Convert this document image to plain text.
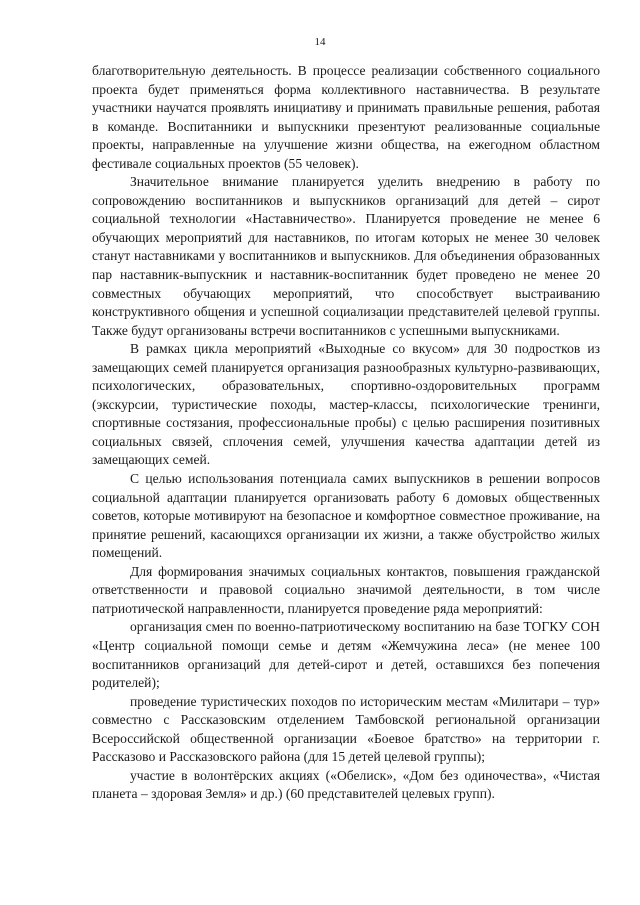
14

благотворительную деятельность. В процессе реализации собственного социального проекта будет применяться форма коллективного наставничества. В результате участники научатся проявлять инициативу и принимать правильные решения, работая в команде. Воспитанники и выпускники презентуют реализованные социальные проекты, направленные на улучшение жизни общества, на ежегодном областном фестивале социальных проектов (55 человек).

Значительное внимание планируется уделить внедрению в работу по сопровождению воспитанников и выпускников организаций для детей – сирот социальной технологии «Наставничество». Планируется проведение не менее 6 обучающих мероприятий для наставников, по итогам которых не менее 30 человек станут наставниками у воспитанников и выпускников. Для объединения образованных пар наставник-выпускник и наставник-воспитанник будет проведено не менее 20 совместных обучающих мероприятий, что способствует выстраиванию конструктивного общения и успешной социализации представителей целевой группы. Также будут организованы встречи воспитанников с успешными выпускниками.

В рамках цикла мероприятий «Выходные со вкусом» для 30 подростков из замещающих семей планируется организация разнообразных культурно-развивающих, психологических, образовательных, спортивно-оздоровительных программ (экскурсии, туристические походы, мастер-классы, психологические тренинги, спортивные состязания, профессиональные пробы) с целью расширения позитивных социальных связей, сплочения семей, улучшения качества адаптации детей из замещающих семей.

С целью использования потенциала самих выпускников в решении вопросов социальной адаптации планируется организовать работу 6 домовых общественных советов, которые мотивируют на безопасное и комфортное совместное проживание, на принятие решений, касающихся организации их жизни, а также обустройство жилых помещений.

Для формирования значимых социальных контактов, повышения гражданской ответственности и правовой социально значимой деятельности, в том числе патриотической направленности, планируется проведение ряда мероприятий:

организация смен по военно-патриотическому воспитанию на базе ТОГКУ СОН «Центр социальной помощи семье и детям «Жемчужина леса» (не менее 100 воспитанников организаций для детей-сирот и детей, оставшихся без попечения родителей);

проведение туристических походов по историческим местам «Милитари – тур» совместно с Рассказовским отделением Тамбовской региональной организации Всероссийской общественной организации «Боевое братство» на территории г. Рассказово и Рассказовского района (для 15 детей целевой группы);

участие в волонтёрских акциях («Обелиск», «Дом без одиночества», «Чистая планета – здоровая Земля» и др.) (60 представителей целевых групп).
